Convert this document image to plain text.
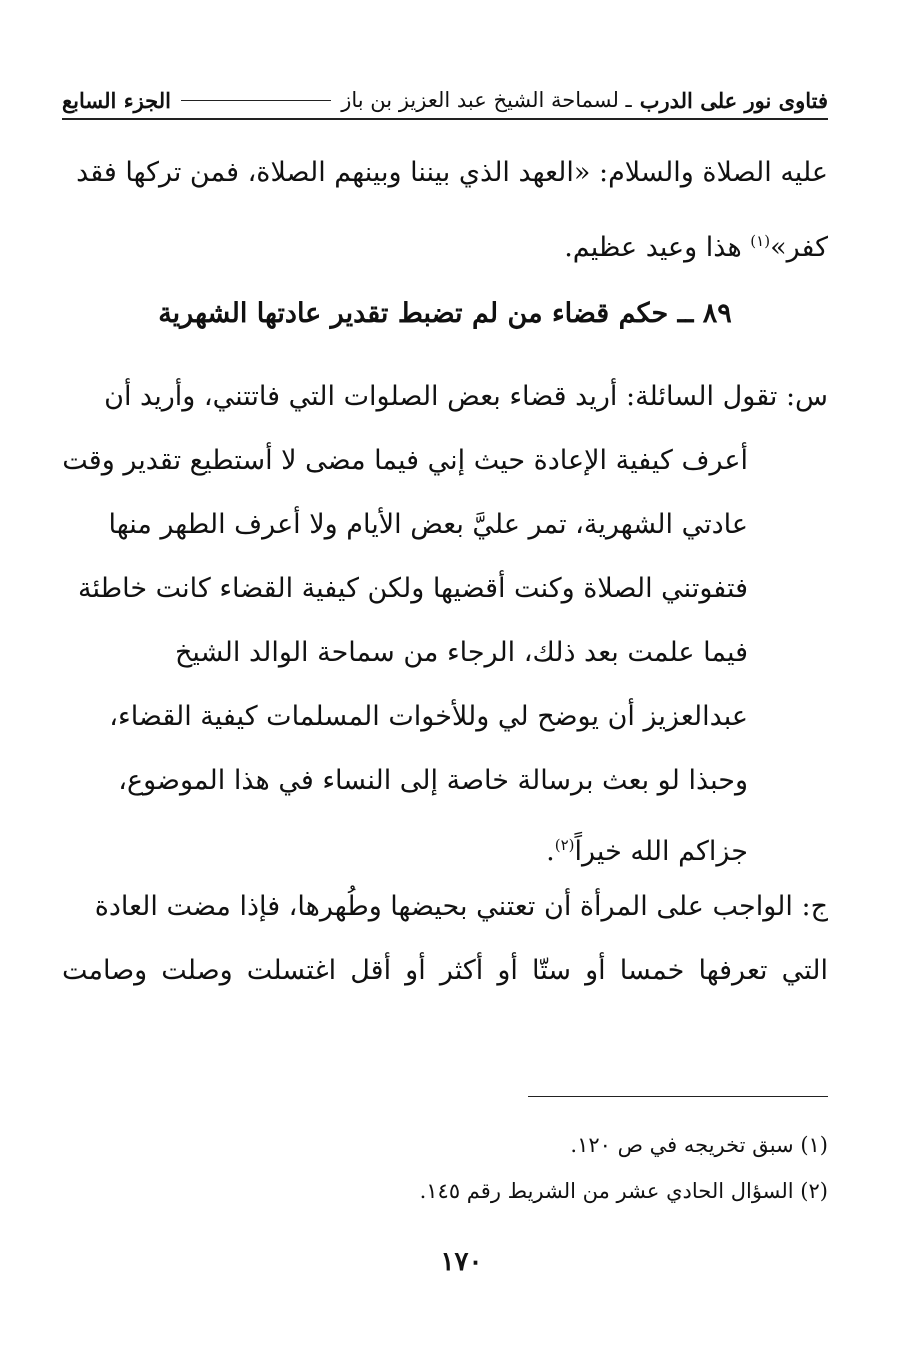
فتاوى نور على الدرب
ـ لسماحة الشيخ عبد العزيز بن باز
الجزء السابع
عليه الصلاة والسلام: «العهد الذي بيننا وبينهم الصلاة، فمن تركها فقد
كفر»$^{(١)}$ هذا وعيد عظيم.
٨٩ ــ حكم قضاء من لم تضبط تقدير عادتها الشهرية
س: تقول السائلة: أريد قضاء بعض الصلوات التي فاتتني، وأريد أن
أعرف كيفية الإعادة حيث إني فيما مضى لا أستطيع تقدير وقت
عادتي الشهرية، تمر عليَّ بعض الأيام ولا أعرف الطهر منها
فتفوتني الصلاة وكنت أقضيها ولكن كيفية القضاء كانت خاطئة
فيما علمت بعد ذلك، الرجاء من سماحة الوالد الشيخ
عبدالعزيز أن يوضح لي وللأخوات المسلمات كيفية القضاء،
وحبذا لو بعث برسالة خاصة إلى النساء في هذا الموضوع،
جزاكم الله خيراً$^{(٢)}$.
ج: الواجب على المرأة أن تعتني بحيضها وطُهرها، فإذا مضت العادة
التي تعرفها خمسا أو ستّا أو أكثر أو أقل اغتسلت وصلت وصامت
(١) سبق تخريجه في ص ١٢٠.
(٢) السؤال الحادي عشر من الشريط رقم ١٤٥.
١٧٠
